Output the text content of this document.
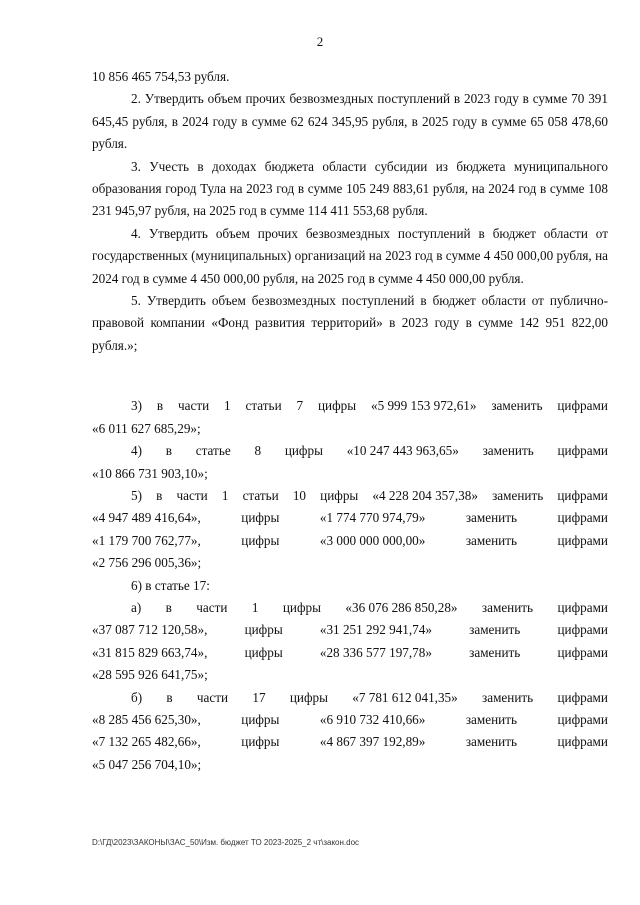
2

10 856 465 754,53 рубля.

2. Утвердить объем прочих безвозмездных поступлений в 2023 году в сумме 70 391 645,45 рубля, в 2024 году в сумме 62 624 345,95 рубля, в 2025 году в сумме 65 058 478,60 рубля.

3. Учесть в доходах бюджета области субсидии из бюджета муниципального образования город Тула на 2023 год в сумме 105 249 883,61 рубля, на 2024 год в сумме 108 231 945,97 рубля, на 2025 год в сумме 114 411 553,68 рубля.

4. Утвердить объем прочих безвозмездных поступлений в бюджет области от государственных (муниципальных) организаций на 2023 год в сумме 4 450 000,00 рубля, на 2024 год в сумме 4 450 000,00 рубля, на 2025 год в сумме 4 450 000,00 рубля.

5. Утвердить объем безвозмездных поступлений в бюджет области от публично-правовой компании «Фонд развития территорий» в 2023 году в сумме 142 951 822,00 рубля.»;

3) в части 1 статьи 7 цифры «5 999 153 972,61» заменить цифрами
«6 011 627 685,29»;
4) в статье 8 цифры «10 247 443 963,65» заменить цифрами
«10 866 731 903,10»;
5) в части 1 статьи 10 цифры «4 228 204 357,38» заменить цифрами
«4 947 489 416,64»,	цифры	«1 774 770 974,79»	заменить	цифрами
«1 179 700 762,77»,	цифры	«3 000 000 000,00»	заменить	цифрами
«2 756 296 005,36»;
6) в статье 17:
а) в части 1 цифры «36 076 286 850,28» заменить цифрами
«37 087 712 120,58»,	цифры	«31 251 292 941,74»	заменить	цифрами
«31 815 829 663,74»,	цифры	«28 336 577 197,78»	заменить	цифрами
«28 595 926 641,75»;
б) в части 17 цифры «7 781 612 041,35» заменить цифрами
«8 285 456 625,30»,	цифры	«6 910 732 410,66»	заменить	цифрами
«7 132 265 482,66»,	цифры	«4 867 397 192,89»	заменить	цифрами
«5 047 256 704,10»;
D:\ГД\2023\ЗАКОНЫ\ЗАС_50\Изм. бюджет ТО 2023-2025_2 чт\закон.doc
